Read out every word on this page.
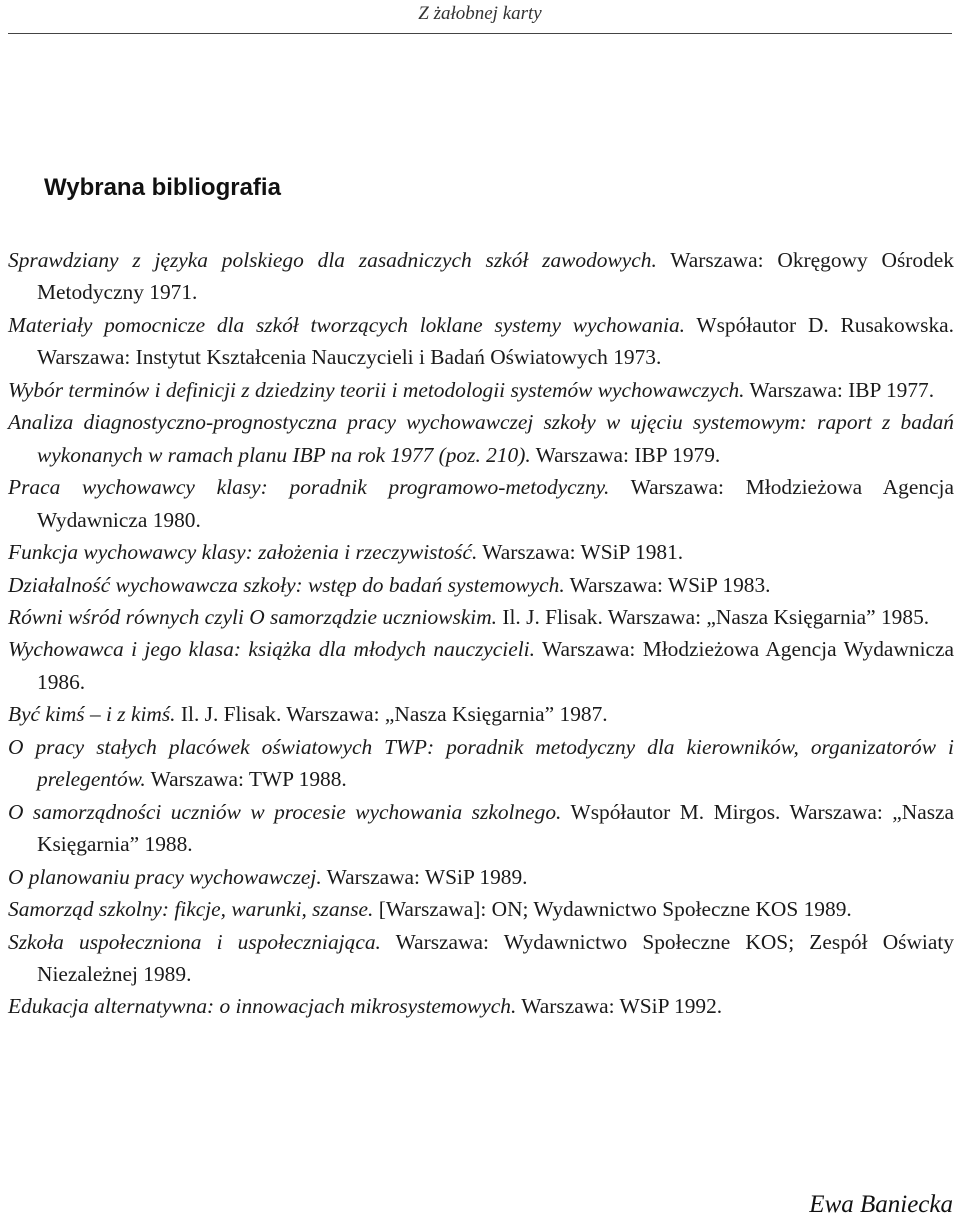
Z żałobnej karty
Wybrana bibliografia
Sprawdziany z języka polskiego dla zasadniczych szkół zawodowych. Warszawa: Okręgowy Ośrodek Metodyczny 1971.
Materiały pomocnicze dla szkół tworzących loklane systemy wychowania. Współautor D. Rusakowska. Warszawa: Instytut Kształcenia Nauczycieli i Badań Oświatowych 1973.
Wybór terminów i definicji z dziedziny teorii i metodologii systemów wychowawczych. Warszawa: IBP 1977.
Analiza diagnostyczno-prognostyczna pracy wychowawczej szkoły w ujęciu systemowym: raport z badań wykonanych w ramach planu IBP na rok 1977 (poz. 210). Warszawa: IBP 1979.
Praca wychowawcy klasy: poradnik programowo-metodyczny. Warszawa: Młodzieżowa Agencja Wydawnicza 1980.
Funkcja wychowawcy klasy: założenia i rzeczywistość. Warszawa: WSiP 1981.
Działalność wychowawcza szkoły: wstęp do badań systemowych. Warszawa: WSiP 1983.
Równi wśród równych czyli O samorządzie uczniowskim. Il. J. Flisak. Warszawa: „Nasza Księgarnia” 1985.
Wychowawca i jego klasa: książka dla młodych nauczycieli. Warszawa: Młodzieżowa Agencja Wydawnicza 1986.
Być kimś – i z kimś. Il. J. Flisak. Warszawa: „Nasza Księgarnia” 1987.
O pracy stałych placówek oświatowych TWP: poradnik metodyczny dla kierowników, organizatorów i prelegentów. Warszawa: TWP 1988.
O samorządności uczniów w procesie wychowania szkolnego. Współautor M. Mirgos. Warszawa: „Nasza Księgarnia” 1988.
O planowaniu pracy wychowawczej. Warszawa: WSiP 1989.
Samorząd szkolny: fikcje, warunki, szanse. [Warszawa]: ON; Wydawnictwo Społeczne KOS 1989.
Szkoła uspołeczniona i uspołeczniająca. Warszawa: Wydawnictwo Społeczne KOS; Zespół Oświaty Niezależnej 1989.
Edukacja alternatywna: o innowacjach mikrosystemowych. Warszawa: WSiP 1992.
Ewa Baniecka
